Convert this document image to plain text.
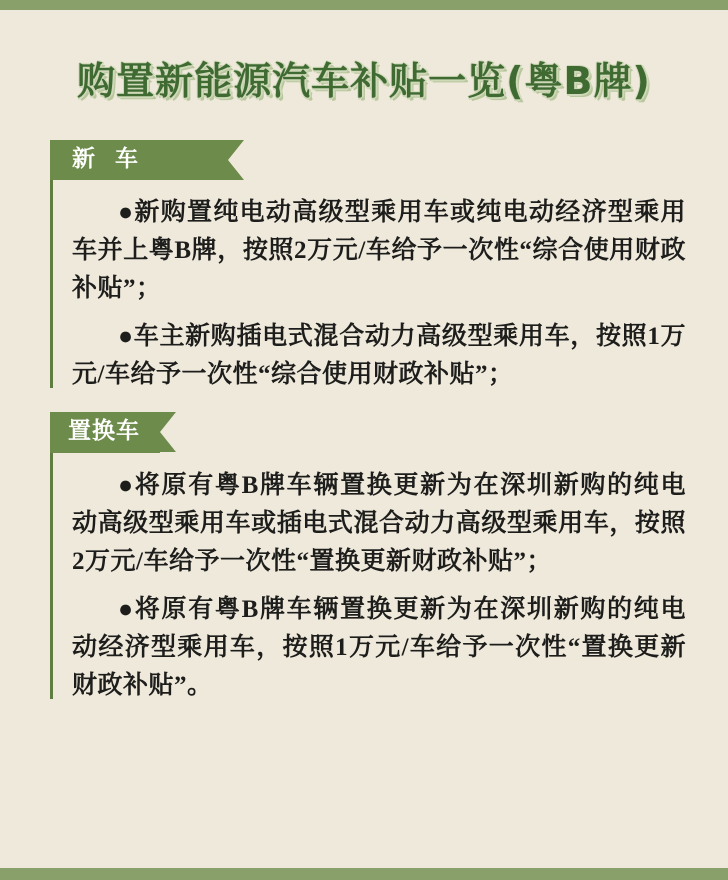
购置新能源汽车补贴一览(粤B牌)
新 车

●新购置纯电动高级型乘用车或纯电动经济型乘用车并上粤B牌，按照2万元/车给予一次性“综合使用财政补贴”；

●车主新购插电式混合动力高级型乘用车，按照1万元/车给予一次性“综合使用财政补贴”；

置换车

●将原有粤B牌车辆置换更新为在深圳新购的纯电动高级型乘用车或插电式混合动力高级型乘用车，按照2万元/车给予一次性“置换更新财政补贴”；

●将原有粤B牌车辆置换更新为在深圳新购的纯电动经济型乘用车，按照1万元/车给予一次性“置换更新财政补贴”。
